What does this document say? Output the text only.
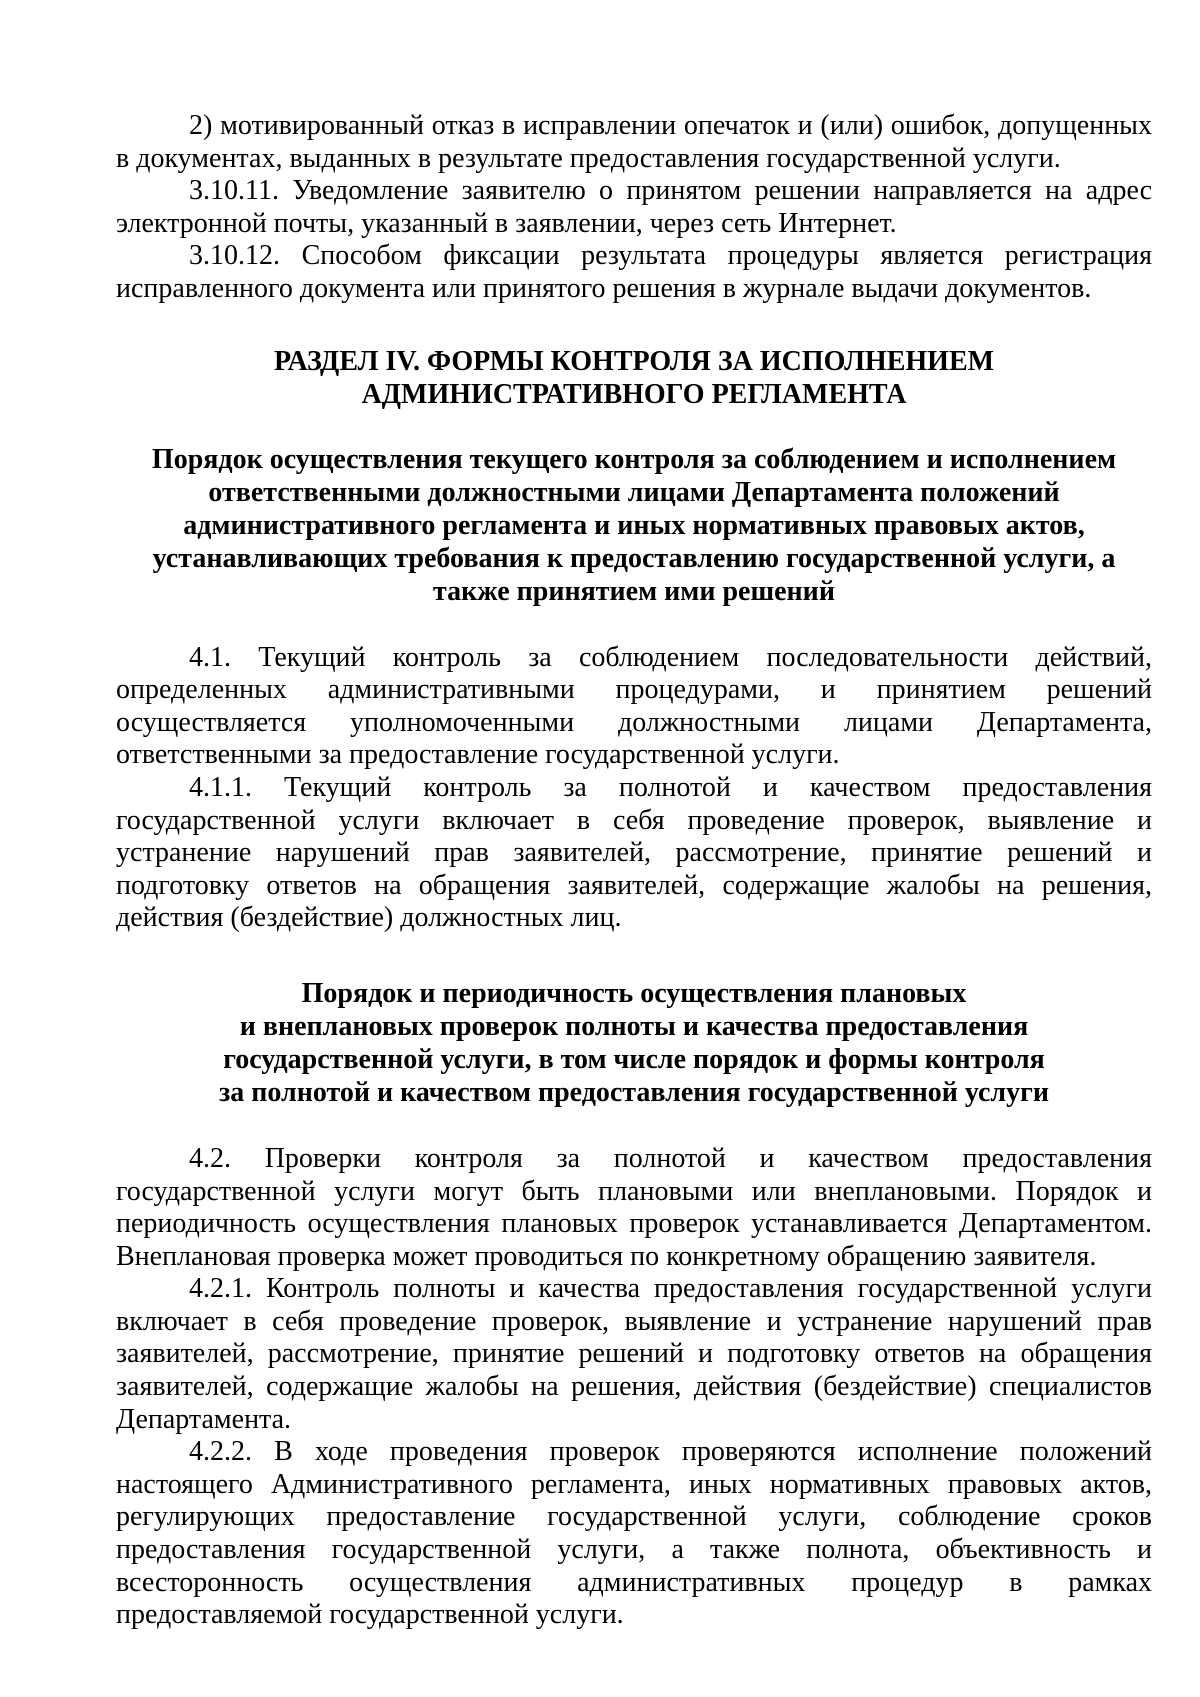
2) мотивированный отказ в исправлении опечаток и (или) ошибок, допущенных в документах, выданных в результате предоставления государственной услуги.

3.10.11. Уведомление заявителю о принятом решении направляется на адрес электронной почты, указанный в заявлении, через сеть Интернет.

3.10.12. Способом фиксации результата процедуры является регистрация исправленного документа или принятого решения в журнале выдачи документов.

РАЗДЕЛ IV. ФОРМЫ КОНТРОЛЯ ЗА ИСПОЛНЕНИЕМ
АДМИНИСТРАТИВНОГО РЕГЛАМЕНТА
Порядок осуществления текущего контроля за соблюдением и исполнением
ответственными должностными лицами Департамента положений
административного регламента и иных нормативных правовых актов,
устанавливающих требования к предоставлению государственной услуги, а
также принятием ими решений

4.1. Текущий контроль за соблюдением последовательности действий, определенных административными процедурами, и принятием решений осуществляется уполномоченными должностными лицами Департамента, ответственными за предоставление государственной услуги.

4.1.1. Текущий контроль за полнотой и качеством предоставления государственной услуги включает в себя проведение проверок, выявление и устранение нарушений прав заявителей, рассмотрение, принятие решений и подготовку ответов на обращения заявителей, содержащие жалобы на решения, действия (бездействие) должностных лиц.

Порядок и периодичность осуществления плановых
и внеплановых проверок полноты и качества предоставления
государственной услуги, в том числе порядок и формы контроля
за полнотой и качеством предоставления государственной услуги

4.2. Проверки контроля за полнотой и качеством предоставления государственной услуги могут быть плановыми или внеплановыми. Порядок и периодичность осуществления плановых проверок устанавливается Департаментом. Внеплановая проверка может проводиться по конкретному обращению заявителя.

4.2.1. Контроль полноты и качества предоставления государственной услуги включает в себя проведение проверок, выявление и устранение нарушений прав заявителей, рассмотрение, принятие решений и подготовку ответов на обращения заявителей, содержащие жалобы на решения, действия (бездействие) специалистов Департамента.

4.2.2. В ходе проведения проверок проверяются исполнение положений настоящего Административного регламента, иных нормативных правовых актов, регулирующих предоставление государственной услуги, соблюдение сроков предоставления государственной услуги, а также полнота, объективность и всесторонность осуществления административных процедур в рамках предоставляемой государственной услуги.
